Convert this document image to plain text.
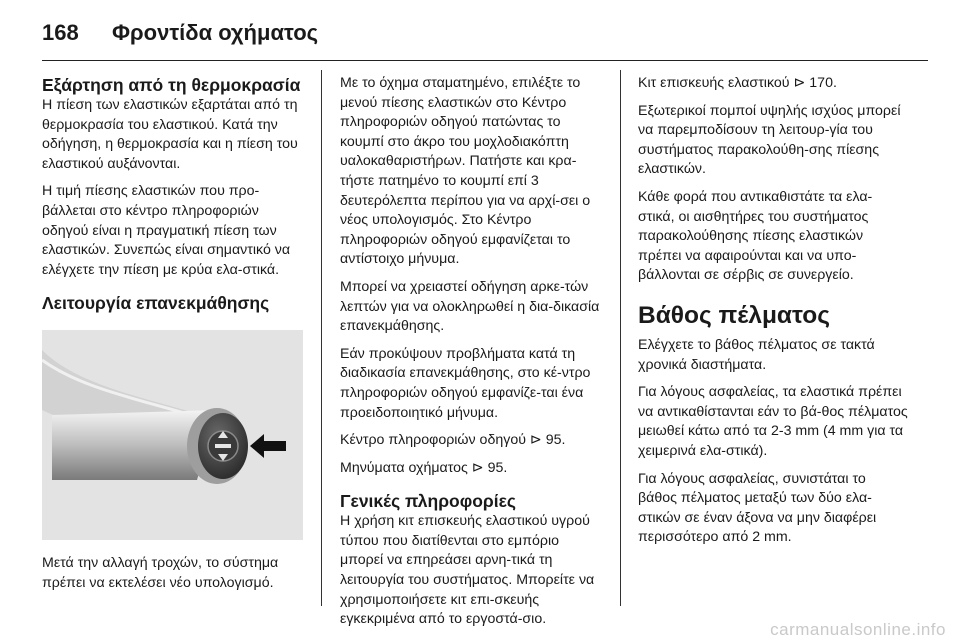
168 Φροντίδα οχήματος
Εξάρτηση από τη θερμοκρασία

Η πίεση των ελαστικών εξαρτάται από τη θερμοκρασία του ελαστικού. Κατά την οδήγηση, η θερμοκρασία και η πίεση του ελαστικού αυξάνονται.

Η τιμή πίεσης ελαστικών που προ-βάλλεται στο κέντρο πληροφοριών οδηγού είναι η πραγματική πίεση των ελαστικών. Συνεπώς είναι σημαντικό να ελέγχετε την πίεση με κρύα ελα-στικά.

Λειτουργία επανεκμάθησης

Μετά την αλλαγή τροχών, το σύστημα πρέπει να εκτελέσει νέο υπολογισμό.

Με το όχημα σταματημένο, επιλέξτε το μενού πίεσης ελαστικών στο Κέντρο πληροφοριών οδηγού πατώντας το κουμπί στο άκρο του μοχλοδιακόπτη υαλοκαθαριστήρων. Πατήστε και κρα-τήστε πατημένο το κουμπί επί 3 δευτερόλεπτα περίπου για να αρχί-σει ο νέος υπολογισμός. Στο Κέντρο πληροφοριών οδηγού εμφανίζεται το αντίστοιχο μήνυμα.

Μπορεί να χρειαστεί οδήγηση αρκε-τών λεπτών για να ολοκληρωθεί η δια-δικασία επανεκμάθησης.

Εάν προκύψουν προβλήματα κατά τη διαδικασία επανεκμάθησης, στο κέ-ντρο πληροφοριών οδηγού εμφανίζε-ται ένα προειδοποιητικό μήνυμα.

Κέντρο πληροφοριών οδηγού ⊳ 95.

Μηνύματα οχήματος ⊳ 95.

Γενικές πληροφορίες

Η χρήση κιτ επισκευής ελαστικού υγρού τύπου που διατίθενται στο εμπόριο μπορεί να επηρεάσει αρνη-τικά τη λειτουργία του συστήματος. Μπορείτε να χρησιμοποιήσετε κιτ επι-σκευής εγκεκριμένα από το εργοστά-σιο.

Κιτ επισκευής ελαστικού ⊳ 170.

Εξωτερικοί πομποί υψηλής ισχύος μπορεί να παρεμποδίσουν τη λειτουρ-γία του συστήματος παρακολούθη-σης πίεσης ελαστικών.

Κάθε φορά που αντικαθιστάτε τα ελα-στικά, οι αισθητήρες του συστήματος παρακολούθησης πίεσης ελαστικών πρέπει να αφαιρούνται και να υπο-βάλλονται σε σέρβις σε συνεργείο.

Βάθος πέλματος

Ελέγχετε το βάθος πέλματος σε τακτά χρονικά διαστήματα.

Για λόγους ασφαλείας, τα ελαστικά πρέπει να αντικαθίστανται εάν το βά-θος πέλματος μειωθεί κάτω από τα 2-3 mm (4 mm για τα χειμερινά ελα-στικά).

Για λόγους ασφαλείας, συνιστάται το βάθος πέλματος μεταξύ των δύο ελα-στικών σε έναν άξονα να μην διαφέρει περισσότερο από 2 mm.

carmanualsonline.info
